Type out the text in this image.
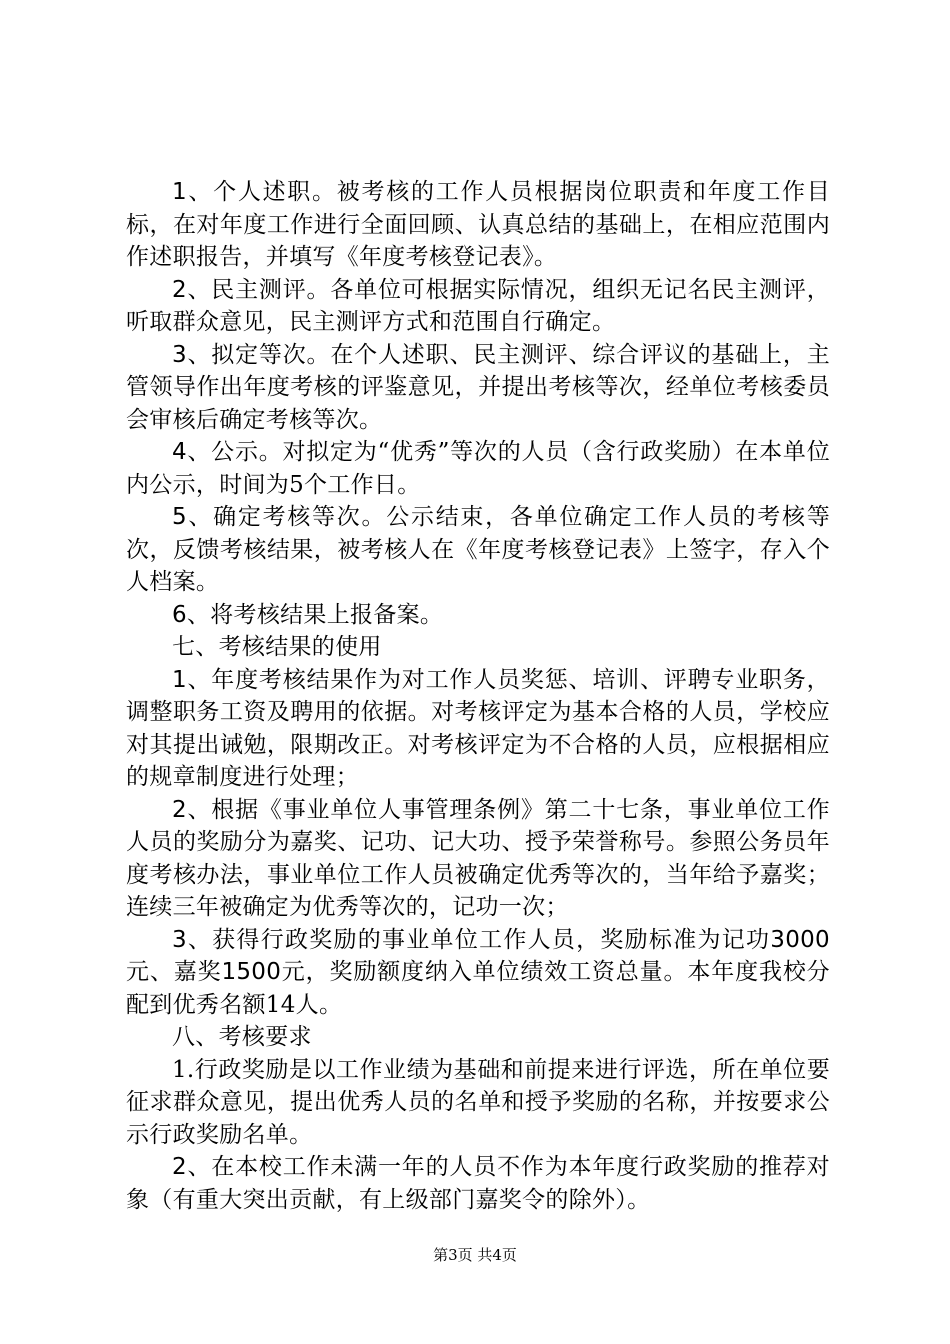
1、个人述职。被考核的工作人员根据岗位职责和年度工作目标，在对年度工作进行全面回顾、认真总结的基础上，在相应范围内作述职报告，并填写《年度考核登记表》。

2、民主测评。各单位可根据实际情况，组织无记名民主测评，听取群众意见，民主测评方式和范围自行确定。

3、拟定等次。在个人述职、民主测评、综合评议的基础上，主管领导作出年度考核的评鉴意见，并提出考核等次，经单位考核委员会审核后确定考核等次。

4、公示。对拟定为“优秀”等次的人员（含行政奖励）在本单位内公示，时间为5个工作日。

5、确定考核等次。公示结束，各单位确定工作人员的考核等次，反馈考核结果，被考核人在《年度考核登记表》上签字，存入个人档案。

6、将考核结果上报备案。

七、考核结果的使用

1、年度考核结果作为对工作人员奖惩、培训、评聘专业职务，调整职务工资及聘用的依据。对考核评定为基本合格的人员，学校应对其提出诫勉，限期改正。对考核评定为不合格的人员，应根据相应的规章制度进行处理；

2、根据《事业单位人事管理条例》第二十七条，事业单位工作人员的奖励分为嘉奖、记功、记大功、授予荣誉称号。参照公务员年度考核办法，事业单位工作人员被确定优秀等次的，当年给予嘉奖；连续三年被确定为优秀等次的，记功一次；

3、获得行政奖励的事业单位工作人员，奖励标准为记功3000元、嘉奖1500元，奖励额度纳入单位绩效工资总量。本年度我校分配到优秀名额14人。

八、考核要求

1.行政奖励是以工作业绩为基础和前提来进行评选，所在单位要征求群众意见，提出优秀人员的名单和授予奖励的名称，并按要求公示行政奖励名单。

2、在本校工作未满一年的人员不作为本年度行政奖励的推荐对象（有重大突出贡献，有上级部门嘉奖令的除外）。

第3页 共4页
